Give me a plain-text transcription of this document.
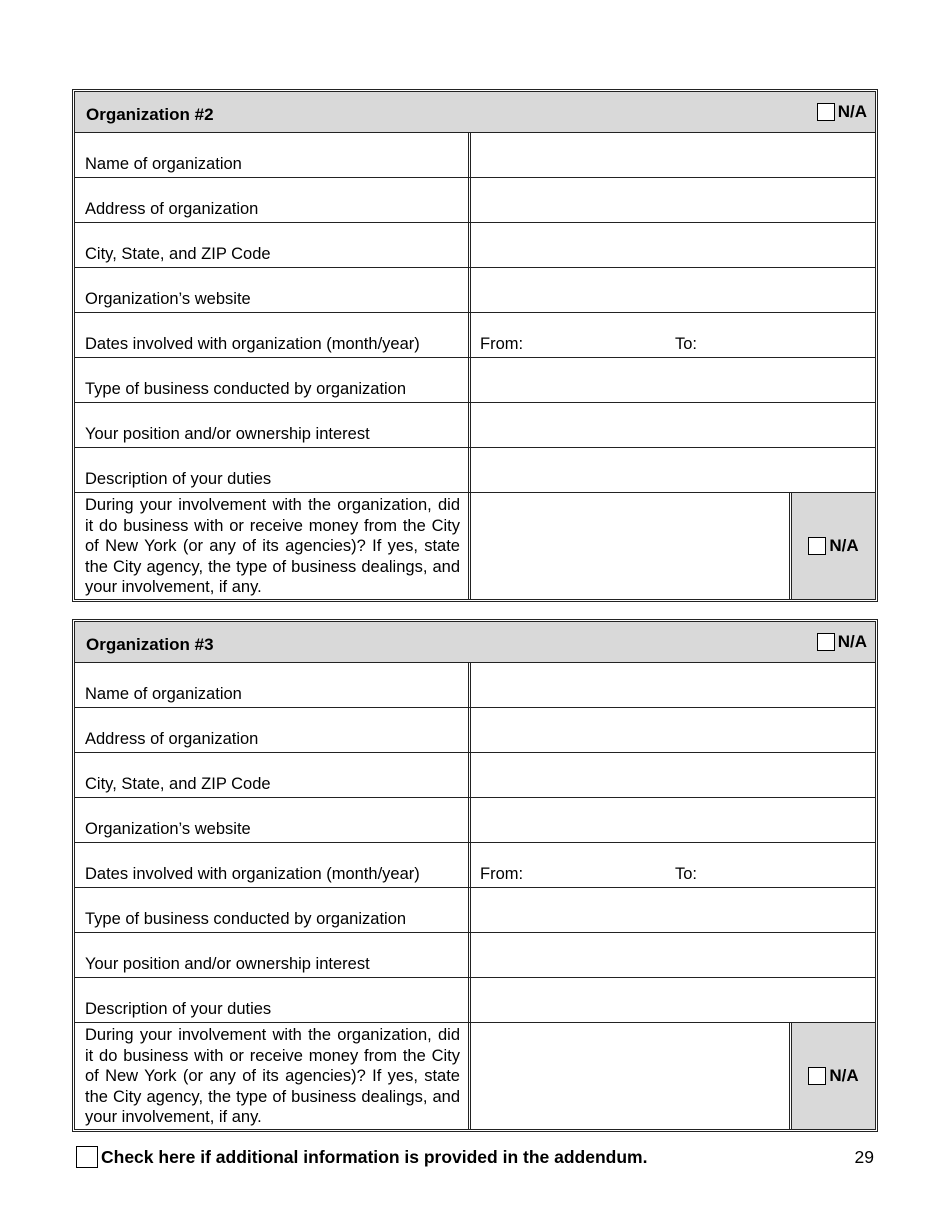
Organization #2	N/A
Name of organization
Address of organization
City, State, and ZIP Code
Organization’s website
Dates involved with organization (month/year)	From:	To:
Type of business conducted by organization
Your position and/or ownership interest
Description of your duties
During your involvement with the organization, did it do business with or receive money from the City of New York (or any of its agencies)? If yes, state the City agency, the type of business dealings, and your involvement, if any.
N/A
Organization #3	N/A
Name of organization
Address of organization
City, State, and ZIP Code
Organization’s website
Dates involved with organization (month/year)	From:	To:
Type of business conducted by organization
Your position and/or ownership interest
Description of your duties
During your involvement with the organization, did it do business with or receive money from the City of New York (or any of its agencies)? If yes, state the City agency, the type of business dealings, and your involvement, if any.
N/A
Check here if additional information is provided in the addendum.	29
